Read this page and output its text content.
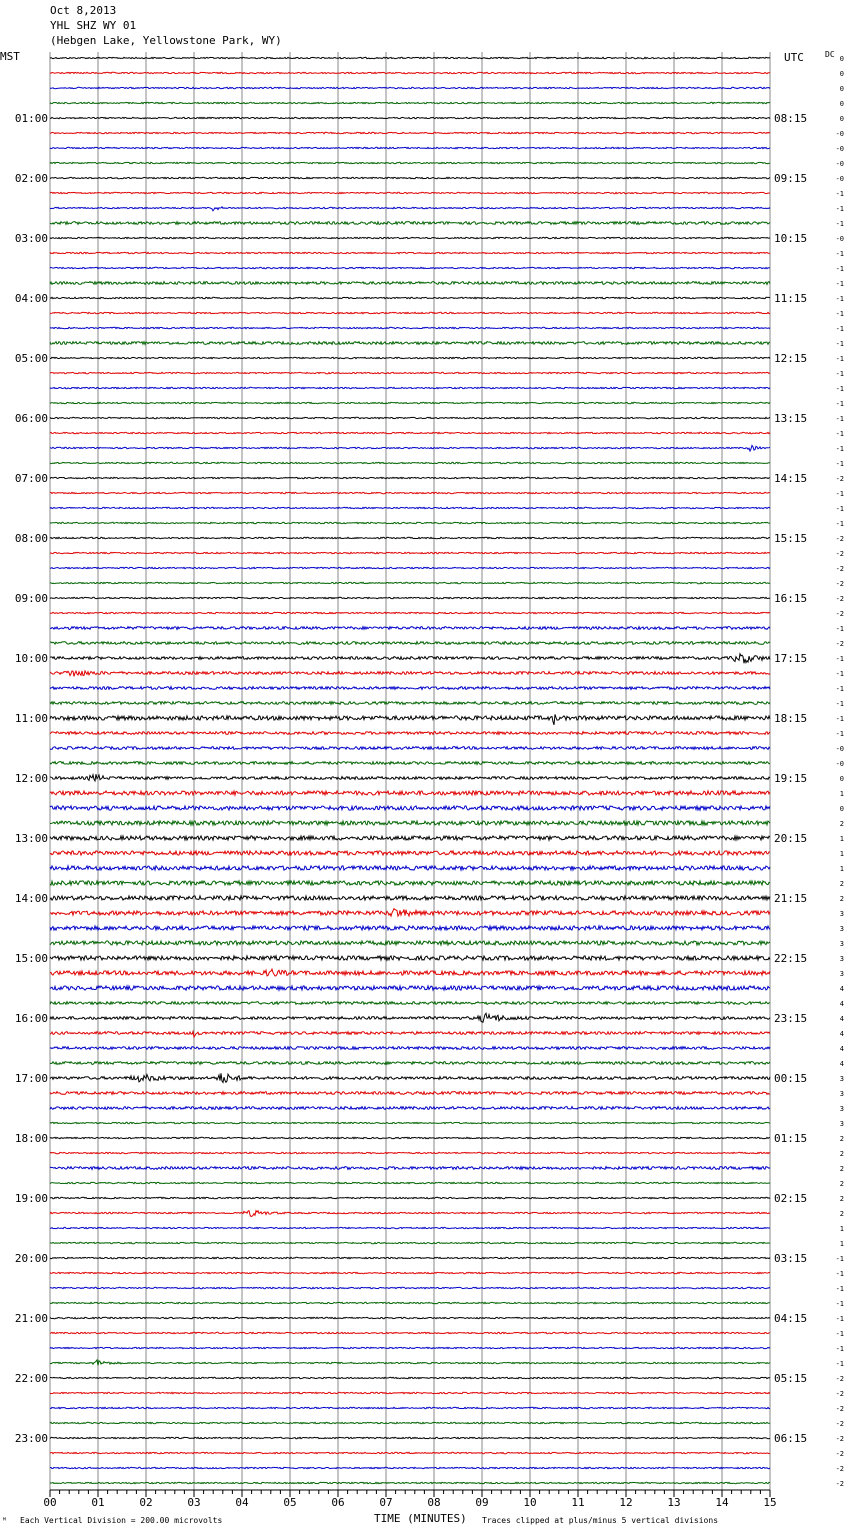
Oct 8,2013
YHL SHZ WY 01
(Hebgen Lake, Yellowstone Park, WY)
00	01	02	03	04	05	06	07	08	09	10	11	12	13	14	15
01:00
02:00
03:00
04:00
05:00
06:00
07:00
08:00
09:00
10:00
11:00
12:00
13:00
14:00
15:00
16:00
17:00
18:00
19:00
20:00
21:00
22:00
23:00
08:15
09:15
10:15
11:15
12:15
13:15
14:15
15:15
16:15
17:15
18:15
19:15
20:15
21:15
22:15
23:15
00:15
01:15
02:15
03:15
04:15
05:15
06:15
0
0
0
0
0
-0
-0
-0
-0
-1
-1
-1
-0
-1
-1
-1
-1
-1
-1
-1
-1
-1
-1
-1
-1
-1
-1
-1
-2
-1
-1
-1
-2
-2
-2
-2
-2
-2
-1
-2
-1
-1
-1
-1
-1
-1
-0
-0
0
1
0
2
1
1
1
2
2
3
3
3
3
3
4
4
4
4
4
4
3
3
3
3
2
2
2
2
2
2
1
1
-1
-1
-1
-1
-1
-1
-1
-1
-2
-2
-2
-2
-2
-2
-2
-2
MST	UTC	DC
Each Vertical Division = 200.00 microvolts	TIME (MINUTES) Traces clipped at plus/minus 5 vertical divisions
ᴹ
